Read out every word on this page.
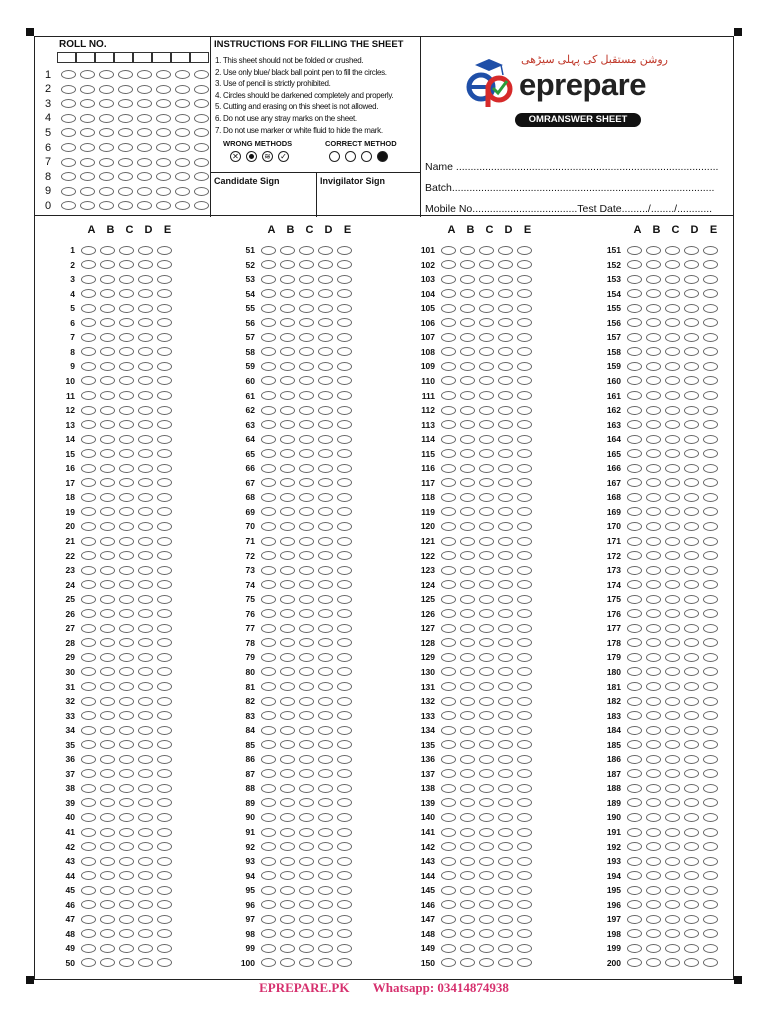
ROLL NO.
1
2
3
4
5
6
7
8
9
0
INSTRUCTIONS FOR FILLING THE SHEET
1. This sheet should not be folded or crushed.
2. Use only blue/ black ball point pen to fill the circles.
3. Use of pencil is strictly prohibited.
4. Circles should be darkened completely and properly.
5. Cutting and erasing on this sheet is not allowed.
6. Do not use any stray marks on the sheet.
7. Do not use marker or white fluid to hide the mark.
WRONG METHODS	CORRECT METHOD
✕	≋ ✓
Candidate Sign	Invigilator Sign
روشن مستقبل کی پہلی سیڑھی
eprepare
OMRANSWER SHEET
Name ..........................................................................................
Batch..........................................................................................
Mobile No....................................Test Date........./......../............
A	B	C	D	E
1
2
3
4
5
6
7
8
9
10
11
12
13
14
15
16
17
18
19
20
21
22
23
24
25
26
27
28
29
30
31
32
33
34
35
36
37
38
39
40
41
42
43
44
45
46
47
48
49
50
A	B	C	D	E
51
52
53
54
55
56
57
58
59
60
61
62
63
64
65
66
67
68
69
70
71
72
73
74
75
76
77
78
79
80
81
82
83
84
85
86
87
88
89
90
91
92
93
94
95
96
97
98
99
100
A	B	C	D	E
101
102
103
104
105
106
107
108
109
110
111
112
113
114
115
116
117
118
119
120
121
122
123
124
125
126
127
128
129
130
131
132
133
134
135
136
137
138
139
140
141
142
143
144
145
146
147
148
149
150
A	B	C	D	E
151
152
153
154
155
156
157
158
159
160
161
162
163
164
165
166
167
168
169
170
171
172
173
174
175
176
177
178
179
180
181
182
183
184
185
186
187
188
189
190
191
192
193
194
195
196
197
198
199
200
EPREPARE.PK Whatsapp: 03414874938
